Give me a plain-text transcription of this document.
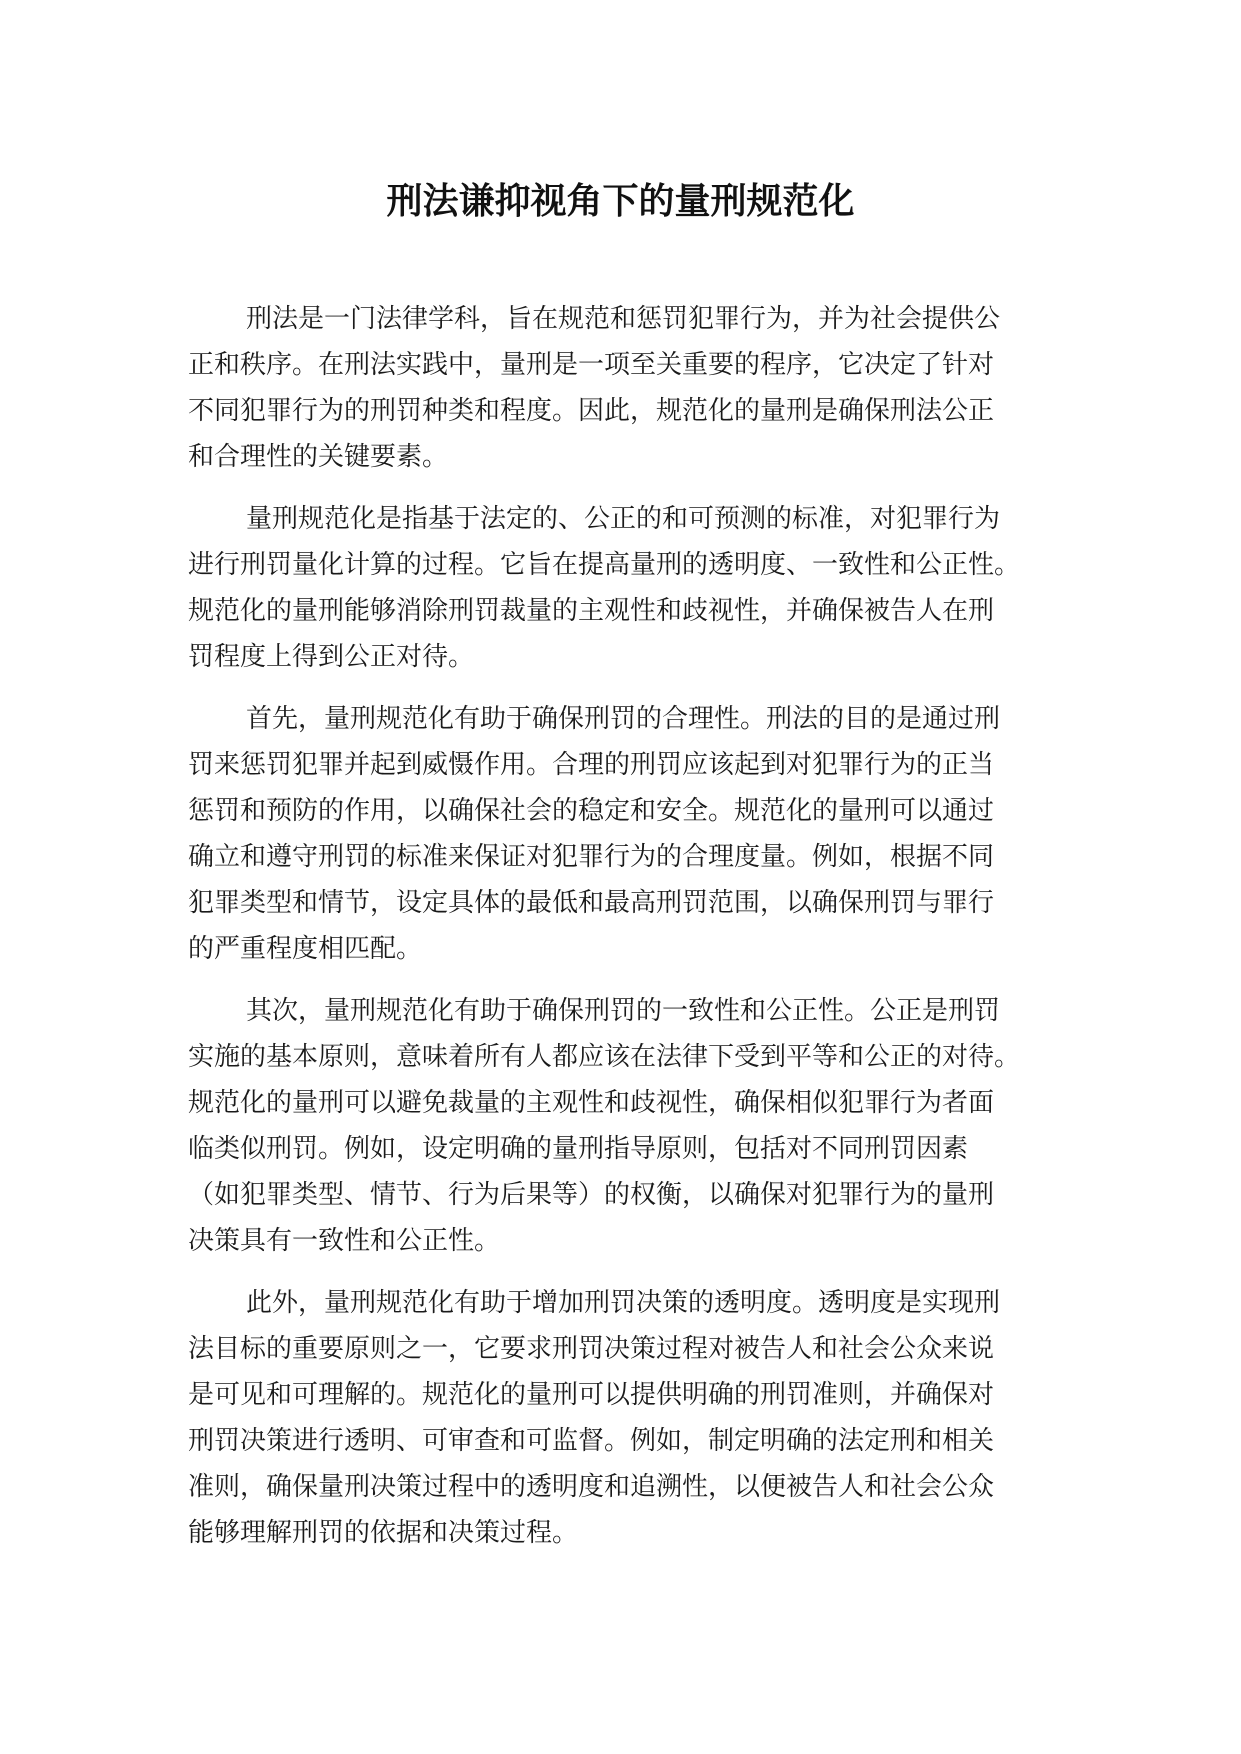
刑法谦抑视角下的量刑规范化

刑法是一门法律学科，旨在规范和惩罚犯罪行为，并为社会提供公
正和秩序。在刑法实践中，量刑是一项至关重要的程序，它决定了针对
不同犯罪行为的刑罚种类和程度。因此，规范化的量刑是确保刑法公正
和合理性的关键要素。

量刑规范化是指基于法定的、公正的和可预测的标准，对犯罪行为
进行刑罚量化计算的过程。它旨在提高量刑的透明度、一致性和公正性。
规范化的量刑能够消除刑罚裁量的主观性和歧视性，并确保被告人在刑
罚程度上得到公正对待。

首先，量刑规范化有助于确保刑罚的合理性。刑法的目的是通过刑
罚来惩罚犯罪并起到威慑作用。合理的刑罚应该起到对犯罪行为的正当
惩罚和预防的作用，以确保社会的稳定和安全。规范化的量刑可以通过
确立和遵守刑罚的标准来保证对犯罪行为的合理度量。例如，根据不同
犯罪类型和情节，设定具体的最低和最高刑罚范围，以确保刑罚与罪行
的严重程度相匹配。

其次，量刑规范化有助于确保刑罚的一致性和公正性。公正是刑罚
实施的基本原则，意味着所有人都应该在法律下受到平等和公正的对待。
规范化的量刑可以避免裁量的主观性和歧视性，确保相似犯罪行为者面
临类似刑罚。例如，设定明确的量刑指导原则，包括对不同刑罚因素
（如犯罪类型、情节、行为后果等）的权衡，以确保对犯罪行为的量刑
决策具有一致性和公正性。

此外，量刑规范化有助于增加刑罚决策的透明度。透明度是实现刑
法目标的重要原则之一，它要求刑罚决策过程对被告人和社会公众来说
是可见和可理解的。规范化的量刑可以提供明确的刑罚准则，并确保对
刑罚决策进行透明、可审查和可监督。例如，制定明确的法定刑和相关
准则，确保量刑决策过程中的透明度和追溯性，以便被告人和社会公众
能够理解刑罚的依据和决策过程。
